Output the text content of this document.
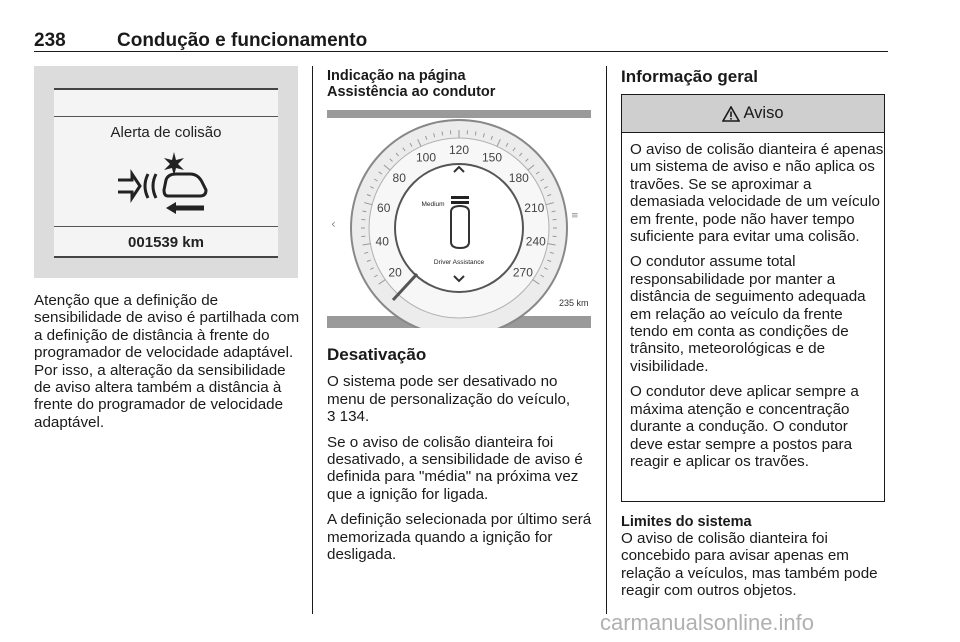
238	Condução e funcionamento
Alerta de colisão
001539 km

Atenção que a definição de sensibilidade de aviso é partilhada com a definição de distância à frente do programador de velocidade adaptável. Por isso, a alteração da sensibilidade de aviso altera também a distância à frente do programador de velocidade adaptável.

Indicação na página
Assistência ao condutor
20
40
60
80
100
120
150
180
210
240
270
Medium
Driver Assistance
‹
≡
235 km
Desativação

O sistema pode ser desativado no menu de personalização do veículo,
3 134.

Se o aviso de colisão dianteira foi desativado, a sensibilidade de aviso é definida para "média" na próxima vez que a ignição for ligada.

A definição selecionada por último será memorizada quando a ignição for desligada.

Informação geral
Aviso

O aviso de colisão dianteira é apenas um sistema de aviso e não aplica os travões. Se se aproximar a demasiada velocidade de um veículo em frente, pode não haver tempo suficiente para evitar uma colisão.

O condutor assume total responsabilidade por manter a distância de seguimento adequada em relação ao veículo da frente tendo em conta as condições de trânsito, meteorológicas e de visibilidade.

O condutor deve aplicar sempre a máxima atenção e concentração durante a condução. O condutor deve estar sempre a postos para reagir e aplicar os travões.

Limites do sistema

O aviso de colisão dianteira foi concebido para avisar apenas em relação a veículos, mas também pode reagir com outros objetos.

carmanualsonline.info
